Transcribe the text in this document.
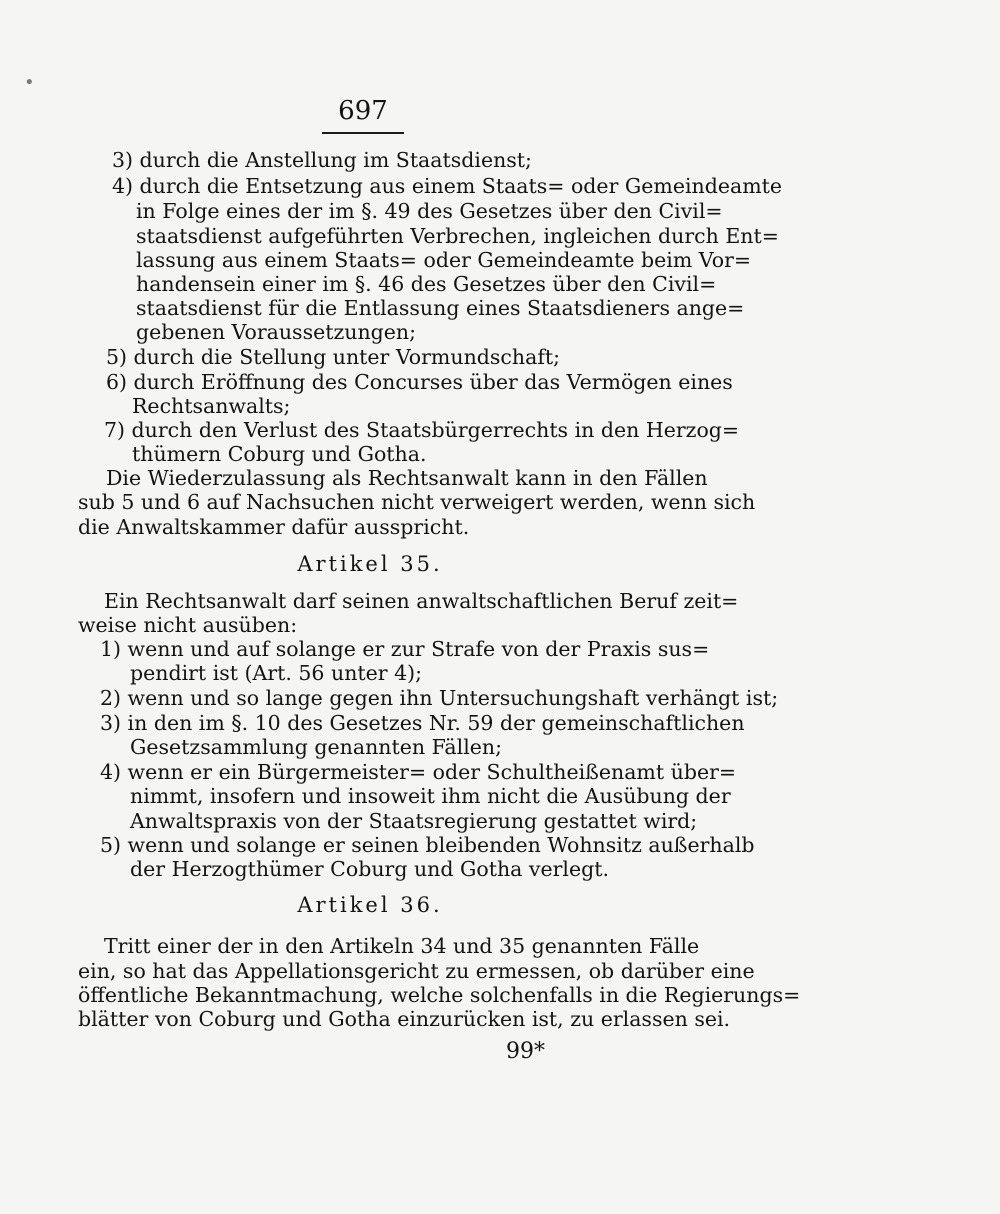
•
697
3) durch die Anstellung im Staatsdienst;
4) durch die Entsetzung aus einem Staats= oder Gemeindeamte
in Folge eines der im §. 49 des Gesetzes über den Civil=
staatsdienst aufgeführten Verbrechen, ingleichen durch Ent=
lassung aus einem Staats= oder Gemeindeamte beim Vor=
handensein einer im §. 46 des Gesetzes über den Civil=
staatsdienst für die Entlassung eines Staatsdieners ange=
gebenen Voraussetzungen;
5) durch die Stellung unter Vormundschaft;
6) durch Eröffnung des Concurses über das Vermögen eines
Rechtsanwalts;
7) durch den Verlust des Staatsbürgerrechts in den Herzog=
thümern Coburg und Gotha.
Die Wiederzulassung als Rechtsanwalt kann in den Fällen
sub 5 und 6 auf Nachsuchen nicht verweigert werden, wenn sich
die Anwaltskammer dafür ausspricht.
Artikel 35.
Ein Rechtsanwalt darf seinen anwaltschaftlichen Beruf zeit=
weise nicht ausüben:
1) wenn und auf solange er zur Strafe von der Praxis sus=
pendirt ist (Art. 56 unter 4);
2) wenn und so lange gegen ihn Untersuchungshaft verhängt ist;
3) in den im §. 10 des Gesetzes Nr. 59 der gemeinschaftlichen
Gesetzsammlung genannten Fällen;
4) wenn er ein Bürgermeister= oder Schultheißenamt über=
nimmt, insofern und insoweit ihm nicht die Ausübung der
Anwaltspraxis von der Staatsregierung gestattet wird;
5) wenn und solange er seinen bleibenden Wohnsitz außerhalb
der Herzogthümer Coburg und Gotha verlegt.
Artikel 36.
Tritt einer der in den Artikeln 34 und 35 genannten Fälle
ein, so hat das Appellationsgericht zu ermessen, ob darüber eine
öffentliche Bekanntmachung, welche solchenfalls in die Regierungs=
blätter von Coburg und Gotha einzurücken ist, zu erlassen sei.
99*
